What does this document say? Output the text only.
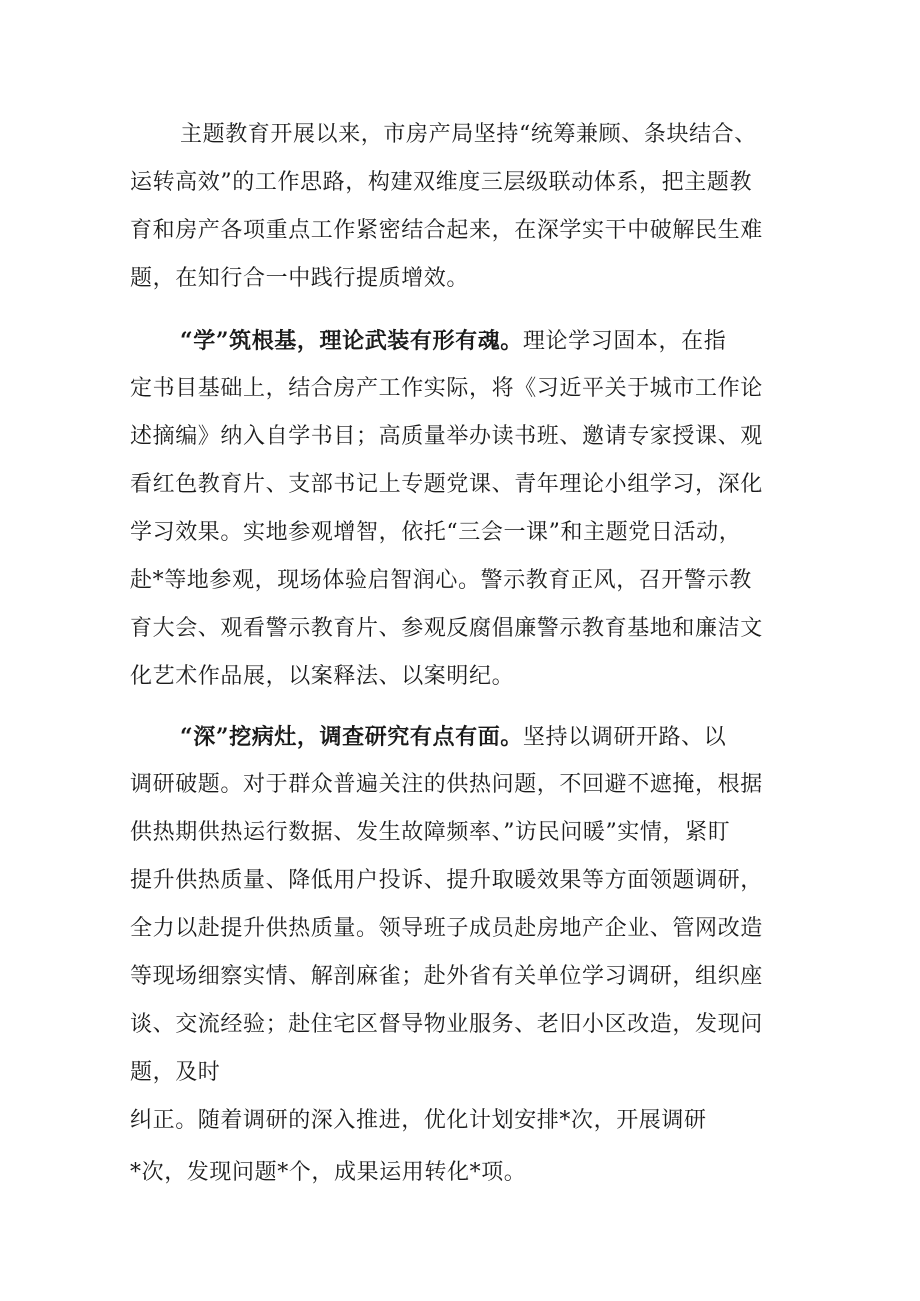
主题教育开展以来，市房产局坚持“统筹兼顾、条块结合、
运转高效”的工作思路，构建双维度三层级联动体系，把主题教
育和房产各项重点工作紧密结合起来，在深学实干中破解民生难
题，在知行合一中践行提质增效。
“学”筑根基，理论武装有形有魂。理论学习固本，在指
定书目基础上，结合房产工作实际，将《习近平关于城市工作论
述摘编》纳入自学书目；高质量举办读书班、邀请专家授课、观
看红色教育片、支部书记上专题党课、青年理论小组学习，深化
学习效果。实地参观增智，依托“三会一课”和主题党日活动，
赴*等地参观，现场体验启智润心。警示教育正风，召开警示教
育大会、观看警示教育片、参观反腐倡廉警示教育基地和廉洁文
化艺术作品展，以案释法、以案明纪。
“深”挖病灶，调查研究有点有面。坚持以调研开路、以
调研破题。对于群众普遍关注的供热问题，不回避不遮掩，根据
供热期供热运行数据、发生故障频率、”访民问暖”实情，紧盯
提升供热质量、降低用户投诉、提升取暖效果等方面领题调研，
全力以赴提升供热质量。领导班子成员赴房地产企业、管网改造
等现场细察实情、解剖麻雀；赴外省有关单位学习调研，组织座
谈、交流经验；赴住宅区督导物业服务、老旧小区改造，发现问
题，及时
纠正。随着调研的深入推进，优化计划安排*次，开展调研
*次，发现问题*个，成果运用转化*项。
